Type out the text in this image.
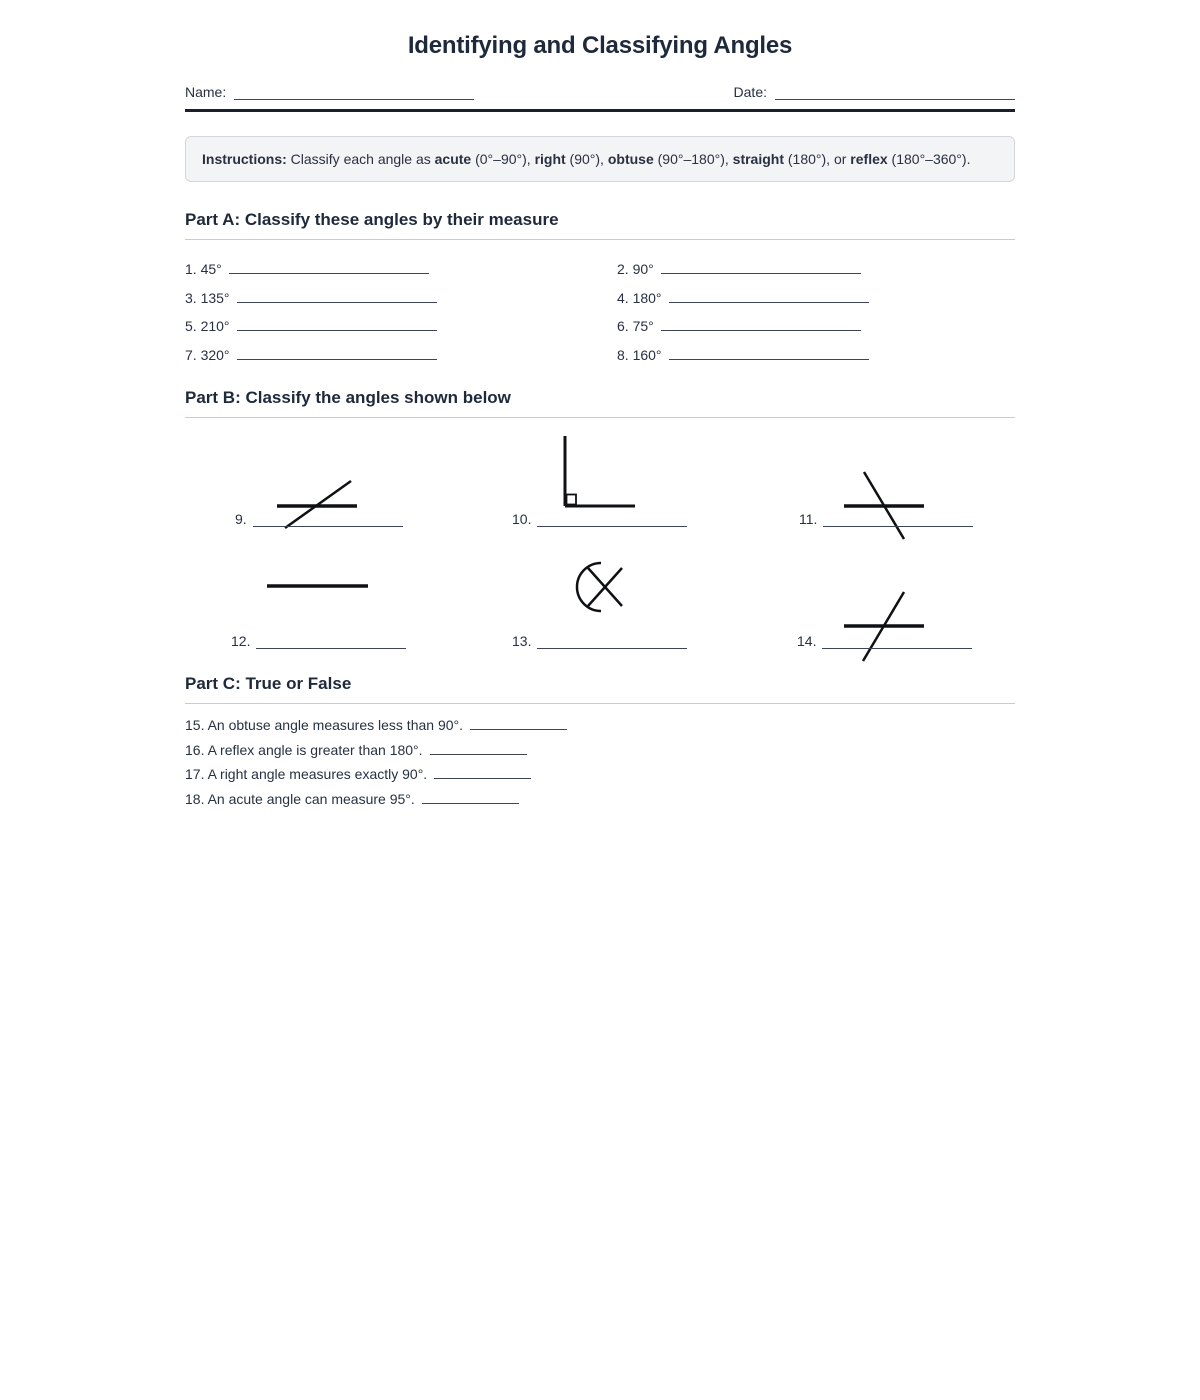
Identifying and Classifying Angles
Name:	Date:

Instructions: Classify each angle as acute (0°–90°), right (90°), obtuse (90°–180°), straight (180°), or reflex (180°–360°).

Part A: Classify these angles by their measure
1. 45°	2. 90°
3. 135°	4. 180°
5. 210°	6. 75°
7. 320°	8. 160°
Part B: Classify the angles shown below
9.	10.	11.
12.	13.	14.
Part C: True or False
15. An obtuse angle measures less than 90°.
16. A reflex angle is greater than 180°.
17. A right angle measures exactly 90°.
18. An acute angle can measure 95°.
